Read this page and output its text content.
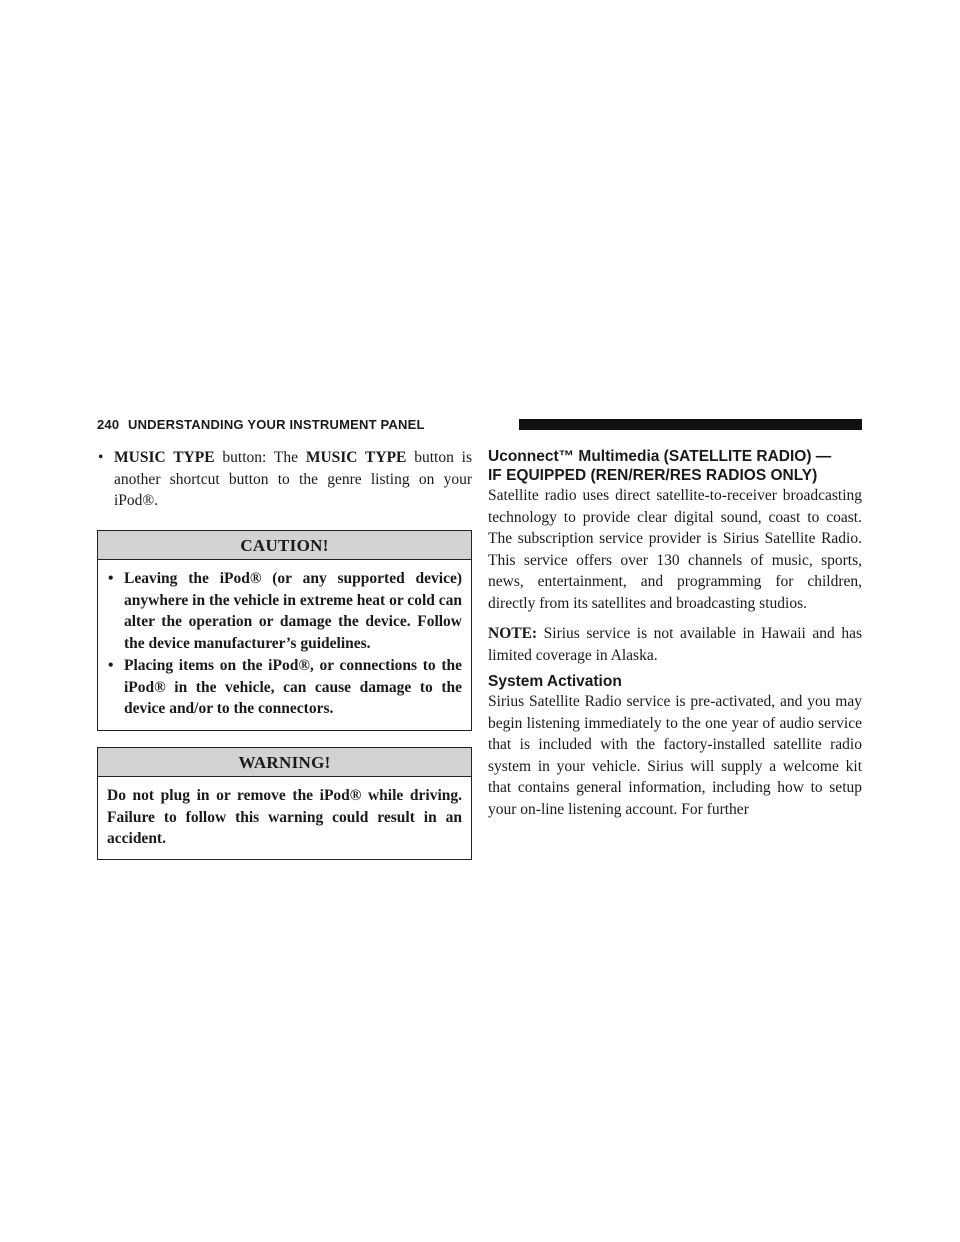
240 UNDERSTANDING YOUR INSTRUMENT PANEL
• MUSIC TYPE button: The MUSIC TYPE button is another shortcut button to the genre listing on your iPod®.
CAUTION!
• Leaving the iPod® (or any supported device) anywhere in the vehicle in extreme heat or cold can alter the operation or damage the device. Follow the device manufacturer’s guidelines.
• Placing items on the iPod®, or connections to the iPod® in the vehicle, can cause damage to the device and/or to the connectors.
WARNING!
Do not plug in or remove the iPod® while driving. Failure to follow this warning could result in an accident.
Uconnect™ Multimedia (SATELLITE RADIO) —
IF EQUIPPED (REN/RER/RES RADIOS ONLY)

Satellite radio uses direct satellite-to-receiver broadcasting technology to provide clear digital sound, coast to coast. The subscription service provider is Sirius Satellite Radio. This service offers over 130 channels of music, sports, news, entertainment, and programming for children, directly from its satellites and broadcasting studios.

NOTE: Sirius service is not available in Hawaii and has limited coverage in Alaska.

System Activation

Sirius Satellite Radio service is pre-activated, and you may begin listening immediately to the one year of audio service that is included with the factory-installed satellite radio system in your vehicle. Sirius will supply a welcome kit that contains general information, including how to setup your on-line listening account. For further
